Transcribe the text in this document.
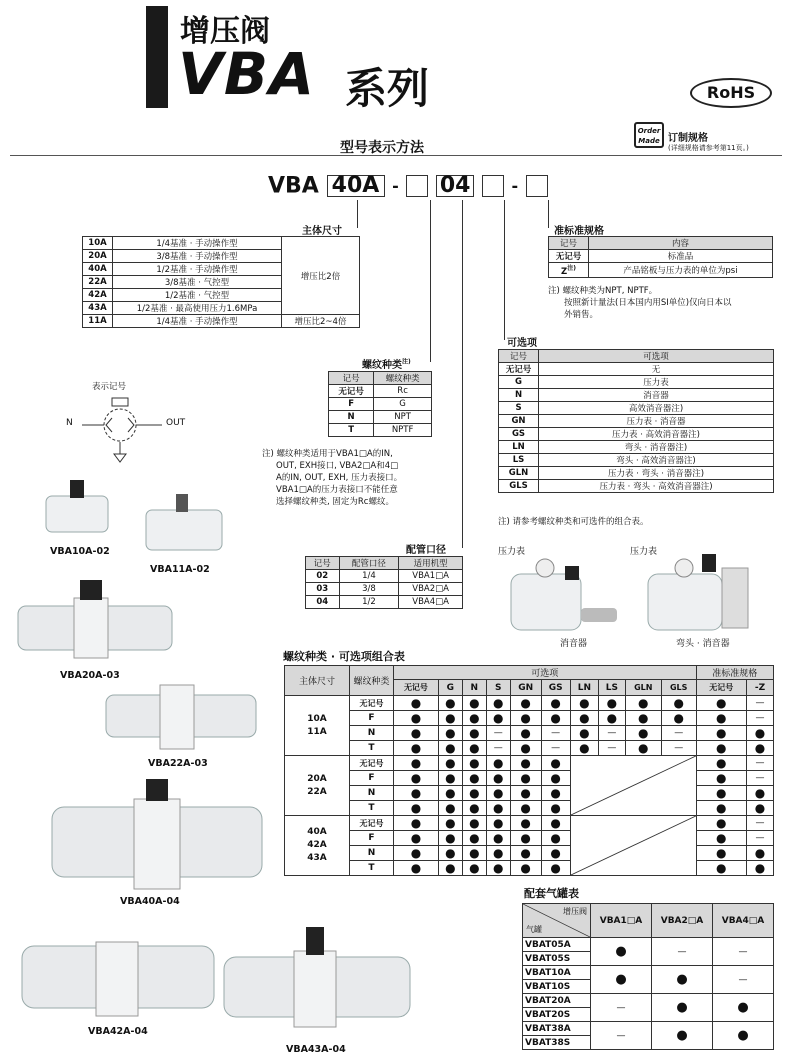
增压阀
VBA 系列	RoHS
型号表示方法
Order Made 订制规格
(详细规格请参考第11页。)
VBA 40A - 04	-
主体尺寸
10A	1/4基准 · 手动操作型	增压比2倍
20A	3/8基准 · 手动操作型	
40A	1/2基准 · 手动操作型	
22A	3/8基准 · 气控型	
42A	1/2基准 · 气控型	
43A	1/2基准 · 最高使用压力1.6MPa	
11A	1/4基准 · 手动操作型	增压比2~4倍
准标准规格
记号	内容
无记号	标准品
$Z^{注)}$	产品铭板与压力表的单位为psi
注) 螺纹种类为NPT, NPTF。
按照新计量法(日本国内用SI单位)仅向日本以
外销售。
可选项
记号	可选项
无记号	无
G	压力表
N	消音器
S	高效消音器注)
GN	压力表 · 消音器
GS	压力表 · 高效消音器注)
LN	弯头 · 消音器注)
LS	弯头 · 高效消音器注)
GLN	压力表 · 弯头 · 消音器注)
GLS	压力表 · 弯头 · 高效消音器注)
注) 请参考螺纹种类和可选件的组合表。
表示记号
N	OUT
螺纹种类$^{注)}$
记号	螺纹种类
无记号	Rc
F	G
N	NPT
T	NPTF
注) 螺纹种类适用于VBA1□A的IN,
OUT, EXH接口, VBA2□A和4□
A的IN, OUT, EXH, 压力表接口。
VBA1□A的压力表接口不能任意
选择螺纹种类, 固定为Rc螺纹。
配管口径
记号	配管口径	适用机型
02	1/4	VBA1□A
03	3/8	VBA2□A
04	1/2	VBA4□A
VBA10A-02
VBA11A-02
VBA20A-03
VBA22A-03
VBA40A-04
VBA42A-04
VBA43A-04
压力表
消音器
压力表
弯头 · 消音器
螺纹种类 · 可选项组合表
主体尺寸	螺纹种类	可选项										准标准规格	
		无记号	G	N	S	GN	GS	LN	LS	GLN	GLS	无记号	-Z
10A
11A	无记号	●	●	●	●	●	●	●	●	●	●	●	—
	F	●	●	●	●	●	●	●	●	●	●	●	—
	N	●	●	●	—	●	—	●	—	●	—	●	●
	T	●	●	●	—	●	—	●	—	●	—	●	●
20A
22A	无记号	●	●	●	●	●	●					●	—
	F	●	●	●	●	●	●					●	—
	N	●	●	●	●	●	●					●	●
	T	●	●	●	●	●	●					●	●
40A
42A
43A	无记号	●	●	●	●	●	●					●	—
	F	●	●	●	●	●	●					●	—
	N	●	●	●	●	●	●					●	●
	T	●	●	●	●	●	●					●	●
配套气罐表
增压阀
气罐	VBA1□A	VBA2□A	VBA4□A
VBAT05A	●	—	—
VBAT05S			
VBAT10A	●	●	—
VBAT10S			
VBAT20A	—	●	●
VBAT20S			
VBAT38A	—	●	●
VBAT38S			
